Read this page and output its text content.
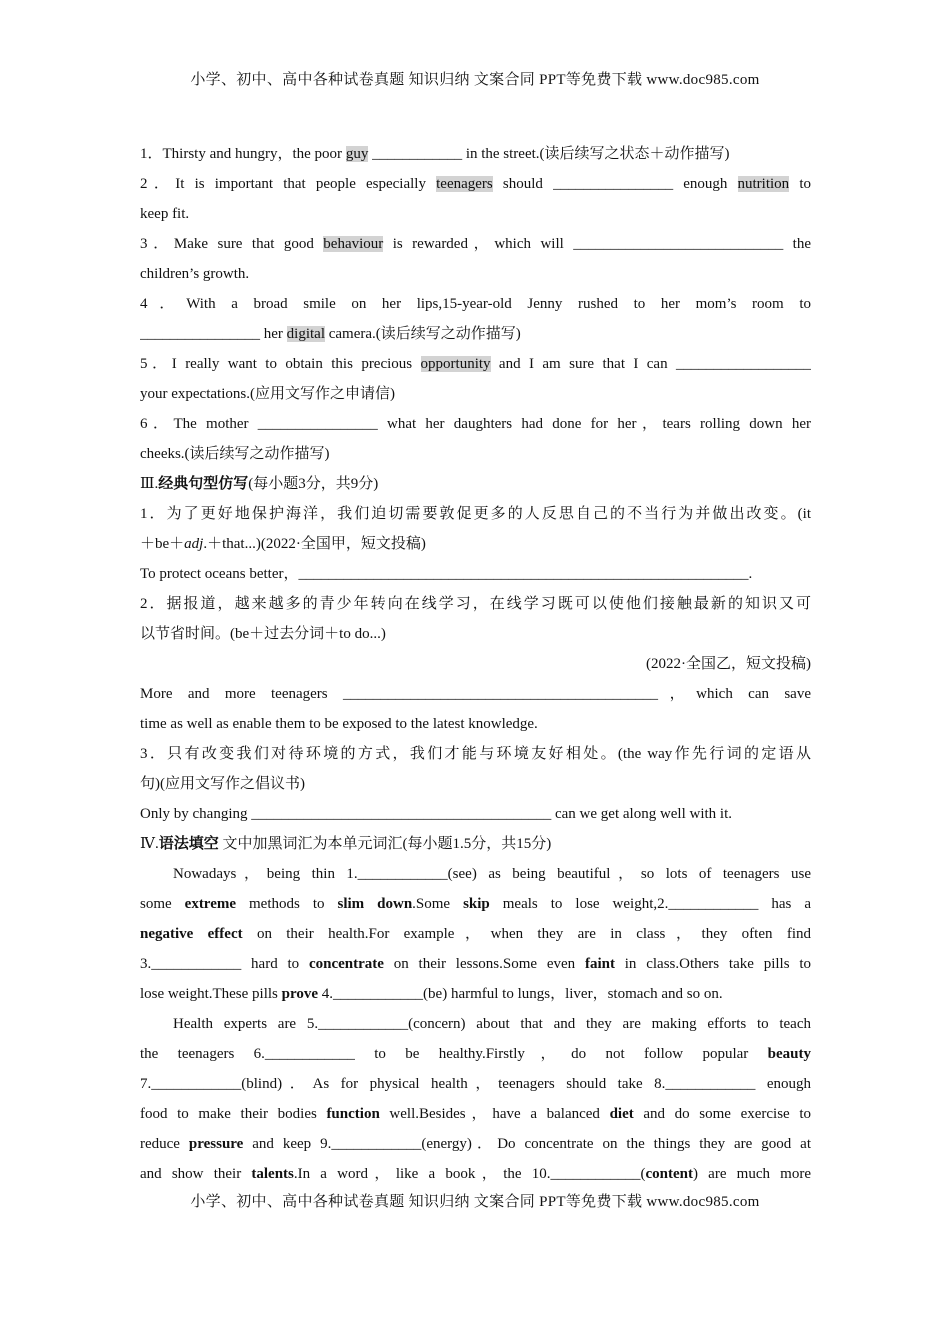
小学、初中、高中各种试卷真题 知识归纳 文案合同 PPT等免费下载 www.doc985.com
1．Thirsty and hungry，the poor guy ____________ in the street.(读后续写之状态＋动作描写)
2．It is important that people especially teenagers should ________________ enough nutrition to
keep fit.
3．Make sure that good behaviour is rewarded，which will ____________________________ the
children’s growth.
4．With a broad smile on her lips,15-year-old Jenny rushed to her mom’s room to
________________ her digital camera.(读后续写之动作描写)
5．I really want to obtain this precious opportunity and I am sure that I can __________________
your expectations.(应用文写作之申请信)
6．The mother ________________ what her daughters had done for her，tears rolling down her
cheeks.(读后续写之动作描写)
Ⅲ.经典句型仿写(每小题3分，共9分)
1．为了更好地保护海洋，我们迫切需要敦促更多的人反思自己的不当行为并做出改变。(it
＋be＋adj.＋that...)(2022·全国甲，短文投稿)
To protect oceans better，____________________________________________________________.
2．据报道，越来越多的青少年转向在线学习，在线学习既可以使他们接触最新的知识又可
以节省时间。(be＋过去分词＋to do...)
(2022·全国乙，短文投稿)
More and more teenagers __________________________________________，which can save
time as well as enable them to be exposed to the latest knowledge.
3．只有改变我们对待环境的方式，我们才能与环境友好相处。(the way作先行词的定语从
句)(应用文写作之倡议书)
Only by changing ________________________________________ can we get along well with it.
Ⅳ.语法填空 文中加黑词汇为本单元词汇(每小题1.5分，共15分)
Nowadays，being thin 1.____________(see) as being beautiful，so lots of teenagers use
some extreme methods to slim down.Some skip meals to lose weight,2.____________ has a
negative effect on their health.For example，when they are in class，they often find
3.____________ hard to concentrate on their lessons.Some even faint in class.Others take pills to
lose weight.These pills prove 4.____________(be) harmful to lungs，liver，stomach and so on.
Health experts are 5.____________(concern) about that and they are making efforts to teach
the teenagers 6.____________ to be healthy.Firstly，do not follow popular beauty
7.____________(blind)．As for physical health，teenagers should take 8.____________ enough
food to make their bodies function well.Besides，have a balanced diet and do some exercise to
reduce pressure and keep 9.____________(energy)．Do concentrate on the things they are good at
and show their talents.In a word，like a book，the 10.____________(content) are much more
小学、初中、高中各种试卷真题 知识归纳 文案合同 PPT等免费下载 www.doc985.com
